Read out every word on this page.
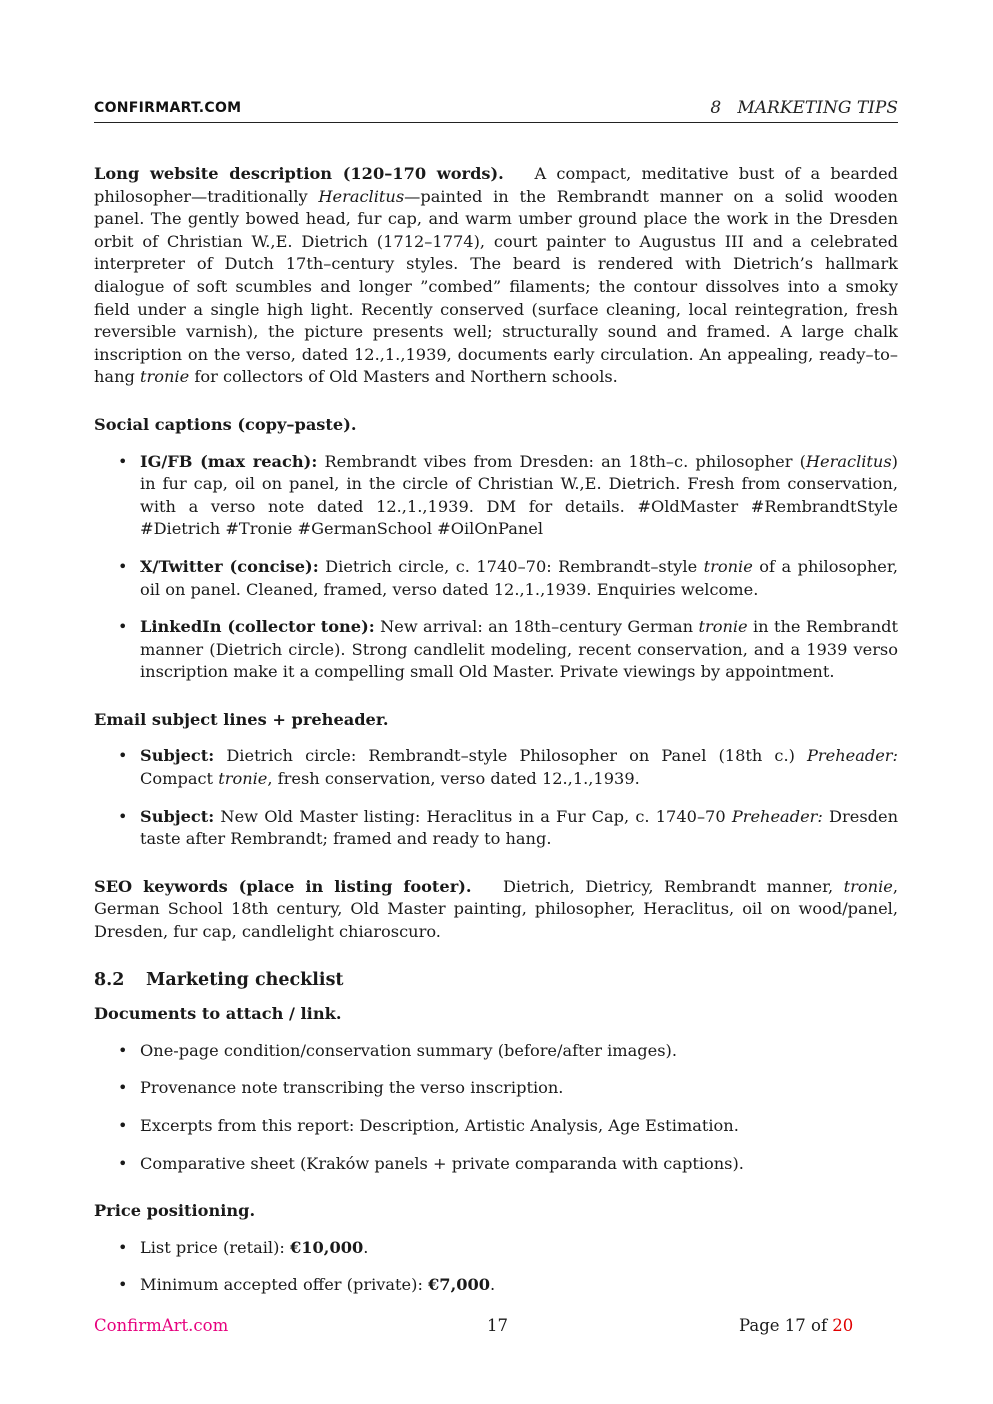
CONFIRMART.COM	8   MARKETING TIPS

Long website description (120–170 words). A compact, meditative bust of a bearded philosopher—traditionally Heraclitus—painted in the Rembrandt manner on a solid wooden panel. The gently bowed head, fur cap, and warm umber ground place the work in the Dresden orbit of Christian W.,E. Dietrich (1712–1774), court painter to Augustus III and a celebrated interpreter of Dutch 17th–century styles. The beard is rendered with Dietrich’s hallmark dialogue of soft scumbles and longer ”combed” filaments; the contour dissolves into a smoky field under a single high light. Recently conserved (surface cleaning, local reintegration, fresh reversible varnish), the picture presents well; structurally sound and framed. A large chalk inscription on the verso, dated 12.,1.,1939, documents early circulation. An appealing, ready–to–hang tronie for collectors of Old Masters and Northern schools.

Social captions (copy–paste).

• IG/FB (max reach): Rembrandt vibes from Dresden: an 18th–c. philosopher (Heraclitus) in fur cap, oil on panel, in the circle of Christian W.,E. Dietrich. Fresh from conservation, with a verso note dated 12.,1.,1939. DM for details. #OldMaster #RembrandtStyle #Dietrich #Tronie #GermanSchool #OilOnPanel
• X/Twitter (concise): Dietrich circle, c. 1740–70: Rembrandt–style tronie of a philosopher, oil on panel. Cleaned, framed, verso dated 12.,1.,1939. Enquiries welcome.
• LinkedIn (collector tone): New arrival: an 18th–century German tronie in the Rembrandt manner (Dietrich circle). Strong candlelit modeling, recent conservation, and a 1939 verso inscription make it a compelling small Old Master. Private viewings by appointment.

Email subject lines + preheader.

• Subject: Dietrich circle: Rembrandt–style Philosopher on Panel (18th c.) Preheader: Compact tronie, fresh conservation, verso dated 12.,1.,1939.
• Subject: New Old Master listing: Heraclitus in a Fur Cap, c. 1740–70 Preheader: Dresden taste after Rembrandt; framed and ready to hang.

SEO keywords (place in listing footer). Dietrich, Dietricy, Rembrandt manner, tronie, German School 18th century, Old Master painting, philosopher, Heraclitus, oil on wood/panel, Dresden, fur cap, candlelight chiaroscuro.

8.2 Marketing checklist

Documents to attach / link.

• One-page condition/conservation summary (before/after images).
• Provenance note transcribing the verso inscription.
• Excerpts from this report: Description, Artistic Analysis, Age Estimation.
• Comparative sheet (Kraków panels + private comparanda with captions).

Price positioning.

• List price (retail): €10,000.
• Minimum accepted offer (private): €7,000.
ConfirmArt.com	17	Page 17 of 20
